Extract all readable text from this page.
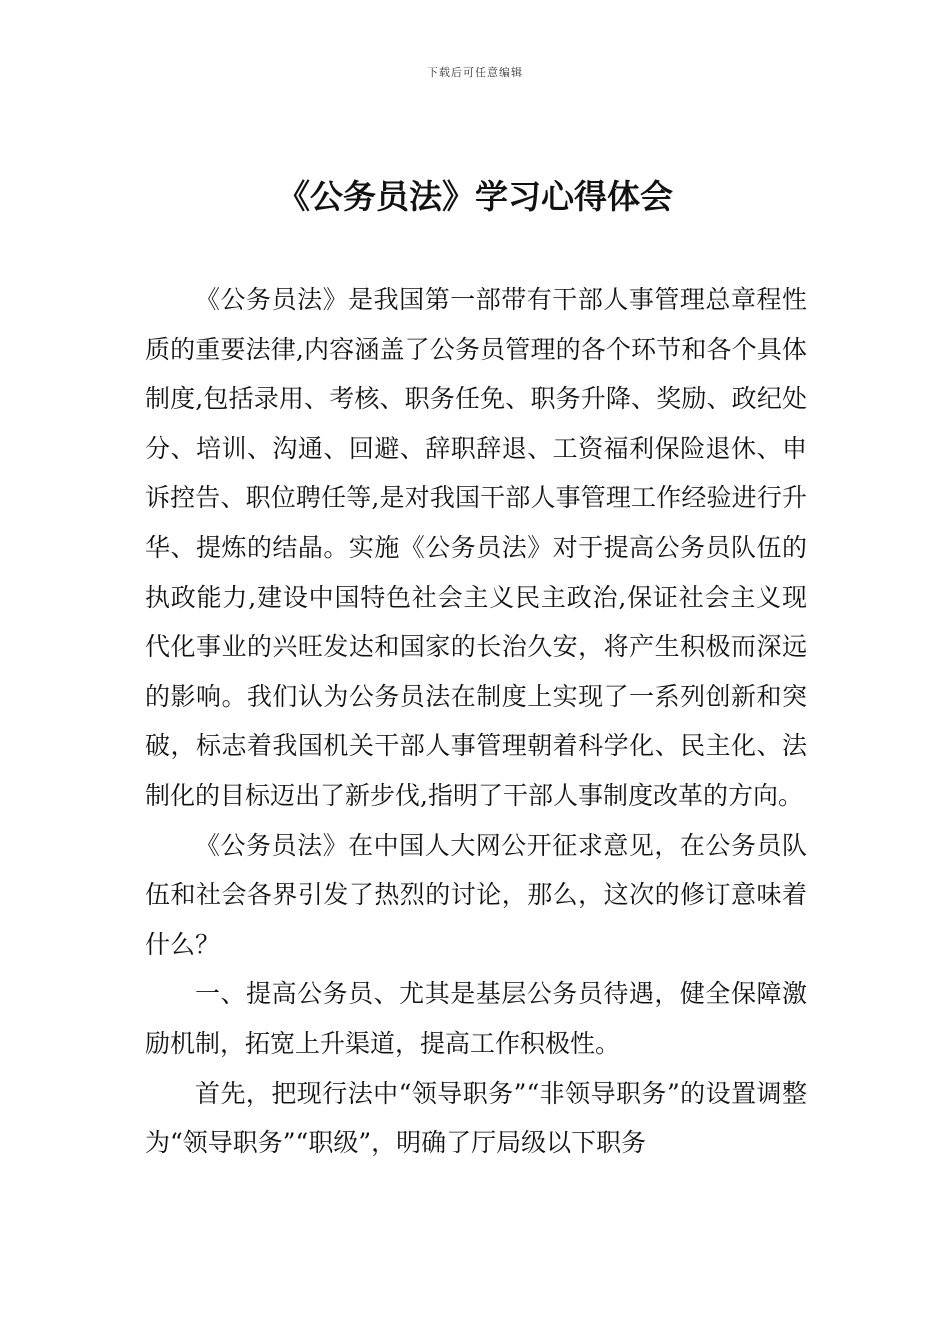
下载后可任意编辑
《公务员法》学习心得体会

《公务员法》是我国第一部带有干部人事管理总章程性质的重要法律,内容涵盖了公务员管理的各个环节和各个具体制度,包括录用、考核、职务任免、职务升降、奖励、政纪处分、培训、沟通、回避、辞职辞退、工资福利保险退休、申诉控告、职位聘任等,是对我国干部人事管理工作经验进行升华、提炼的结晶。实施《公务员法》对于提高公务员队伍的执政能力,建设中国特色社会主义民主政治,保证社会主义现代化事业的兴旺发达和国家的长治久安，将产生积极而深远的影响。我们认为公务员法在制度上实现了一系列创新和突破，标志着我国机关干部人事管理朝着科学化、民主化、法制化的目标迈出了新步伐,指明了干部人事制度改革的方向。

《公务员法》在中国人大网公开征求意见，在公务员队伍和社会各界引发了热烈的讨论，那么，这次的修订意味着什么？

一、提高公务员、尤其是基层公务员待遇，健全保障激励机制，拓宽上升渠道，提高工作积极性。

首先，把现行法中“领导职务”“非领导职务”的设置调整为“领导职务”“职级”，明确了厅局级以下职务
